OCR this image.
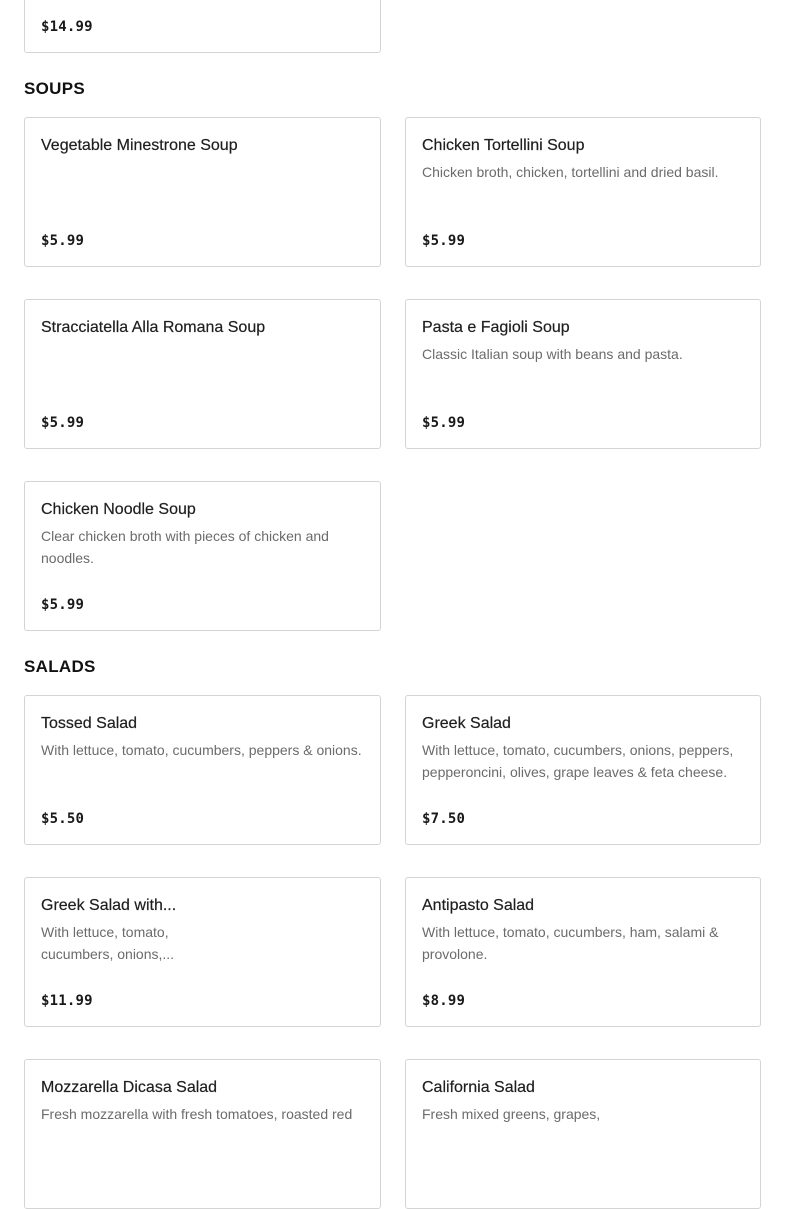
$14.99
SOUPS
Vegetable Minestrone Soup
$5.99
Chicken Tortellini Soup
Chicken broth, chicken, tortellini and dried basil.
$5.99
Stracciatella Alla Romana Soup
$5.99
Pasta e Fagioli Soup
Classic Italian soup with beans and pasta.
$5.99
Chicken Noodle Soup
Clear chicken broth with pieces of chicken and noodles.
$5.99
SALADS
Tossed Salad
With lettuce, tomato, cucumbers, peppers & onions.
$5.50
Greek Salad
With lettuce, tomato, cucumbers, onions, peppers, pepperoncini, olives, grape leaves & feta cheese.
$7.50
Greek Salad with...
With lettuce, tomato, cucumbers, onions,...
$11.99
Antipasto Salad
With lettuce, tomato, cucumbers, ham, salami & provolone.
$8.99
Mozzarella Dicasa Salad
Fresh mozzarella with fresh tomatoes, roasted red
California Salad
Fresh mixed greens, grapes,
